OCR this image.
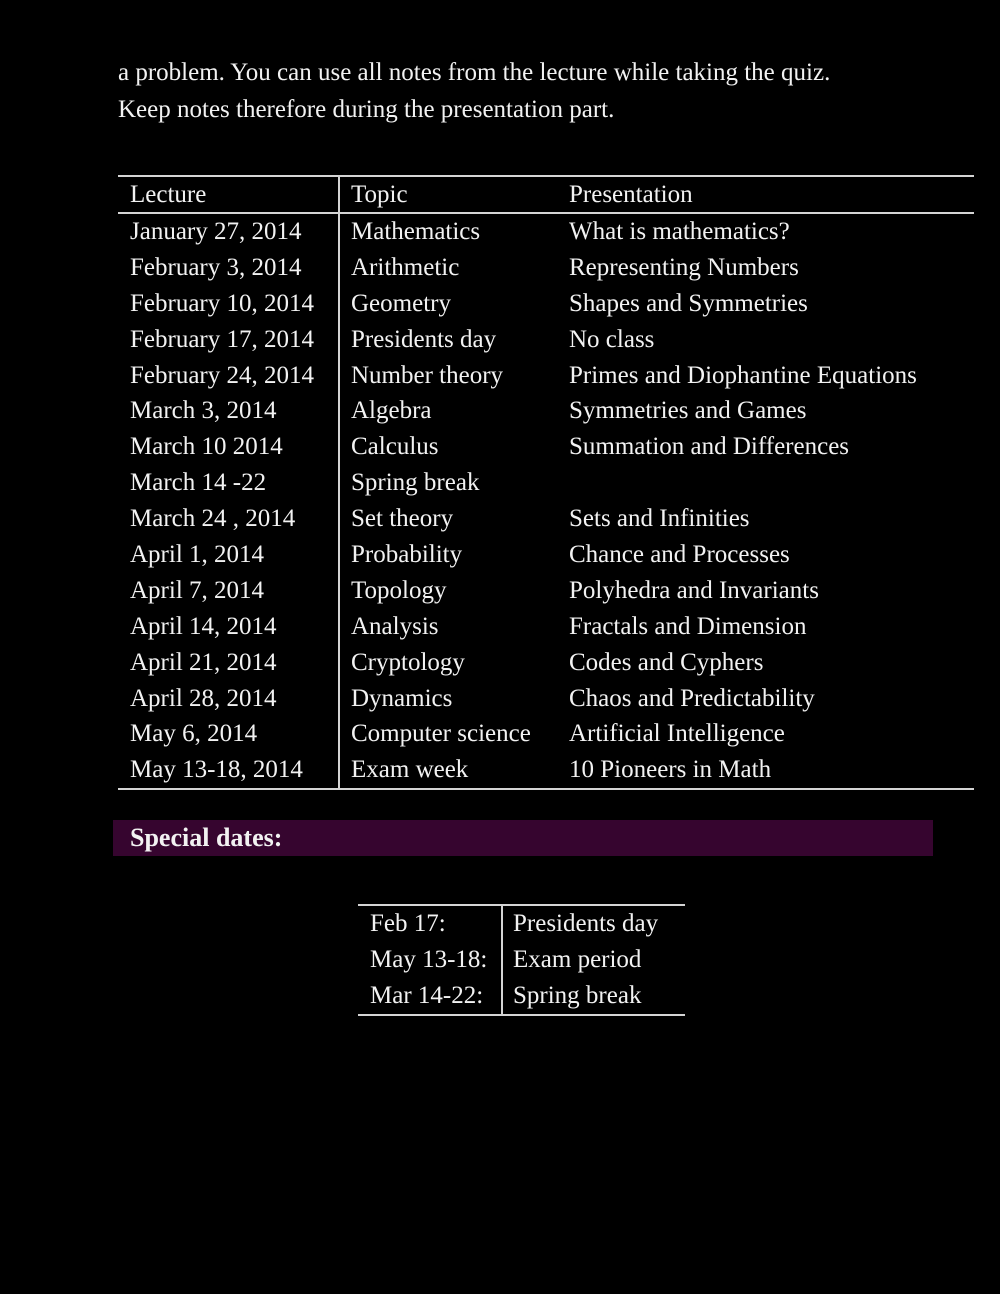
a problem. You can use all notes from the lecture while taking the quiz.
Keep notes therefore during the presentation part.
Lecture	Topic	Presentation
January 27, 2014	Mathematics	What is mathematics?
February 3, 2014	Arithmetic	Representing Numbers
February 10, 2014	Geometry	Shapes and Symmetries
February 17, 2014	Presidents day	No class
February 24, 2014	Number theory	Primes and Diophantine Equations
March 3, 2014	Algebra	Symmetries and Games
March 10 2014	Calculus	Summation and Differences
March 14 -22	Spring break
March 24 , 2014	Set theory	Sets and Infinities
April 1, 2014	Probability	Chance and Processes
April 7, 2014	Topology	Polyhedra and Invariants
April 14, 2014	Analysis	Fractals and Dimension
April 21, 2014	Cryptology	Codes and Cyphers
April 28, 2014	Dynamics	Chaos and Predictability
May 6, 2014	Computer science	Artificial Intelligence
May 13-18, 2014	Exam week	10 Pioneers in Math
Special dates:
Feb 17:	Presidents day
May 13-18:	Exam period
Mar 14-22:	Spring break
